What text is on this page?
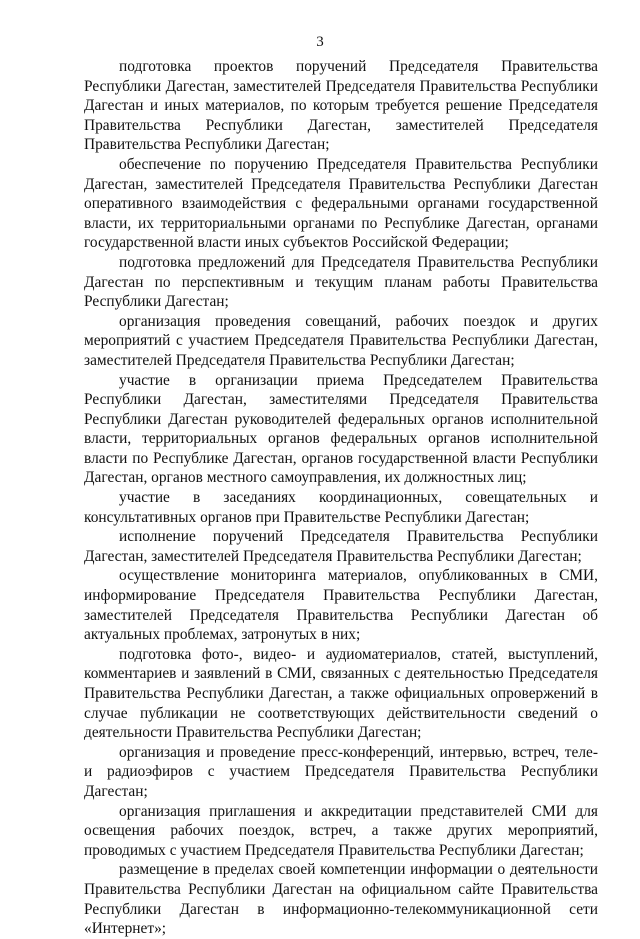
3

подготовка проектов поручений Председателя Правительства Республики Дагестан, заместителей Председателя Правительства Республики Дагестан и иных материалов, по которым требуется решение Председателя Правительства Республики Дагестан, заместителей Председателя Правительства Республики Дагестан;

обеспечение по поручению Председателя Правительства Республики Дагестан, заместителей Председателя Правительства Республики Дагестан оперативного взаимодействия с федеральными органами государственной власти, их территориальными органами по Республике Дагестан, органами государственной власти иных субъектов Российской Федерации;

подготовка предложений для Председателя Правительства Республики Дагестан по перспективным и текущим планам работы Правительства Республики Дагестан;

организация проведения совещаний, рабочих поездок и других мероприятий с участием Председателя Правительства Республики Дагестан, заместителей Председателя Правительства Республики Дагестан;

участие в организации приема Председателем Правительства Республики Дагестан, заместителями Председателя Правительства Республики Дагестан руководителей федеральных органов исполнительной власти, территориальных органов федеральных органов исполнительной власти по Республике Дагестан, органов государственной власти Республики Дагестан, органов местного самоуправления, их должностных лиц;

участие в заседаниях координационных, совещательных и консультативных органов при Правительстве Республики Дагестан;

исполнение поручений Председателя Правительства Республики Дагестан, заместителей Председателя Правительства Республики Дагестан;

осуществление мониторинга материалов, опубликованных в СМИ, информирование Председателя Правительства Республики Дагестан, заместителей Председателя Правительства Республики Дагестан об актуальных проблемах, затронутых в них;

подготовка фото-, видео- и аудиоматериалов, статей, выступлений, комментариев и заявлений в СМИ, связанных с деятельностью Председателя Правительства Республики Дагестан, а также официальных опровержений в случае публикации не соответствующих действительности сведений о деятельности Правительства Республики Дагестан;

организация и проведение пресс-конференций, интервью, встреч, теле- и радиоэфиров с участием Председателя Правительства Республики Дагестан;

организация приглашения и аккредитации представителей СМИ для освещения рабочих поездок, встреч, а также других мероприятий, проводимых с участием Председателя Правительства Республики Дагестан;

размещение в пределах своей компетенции информации о деятельности Правительства Республики Дагестан на официальном сайте Правительства Республики Дагестан в информационно-телекоммуникационной сети «Интернет»;
